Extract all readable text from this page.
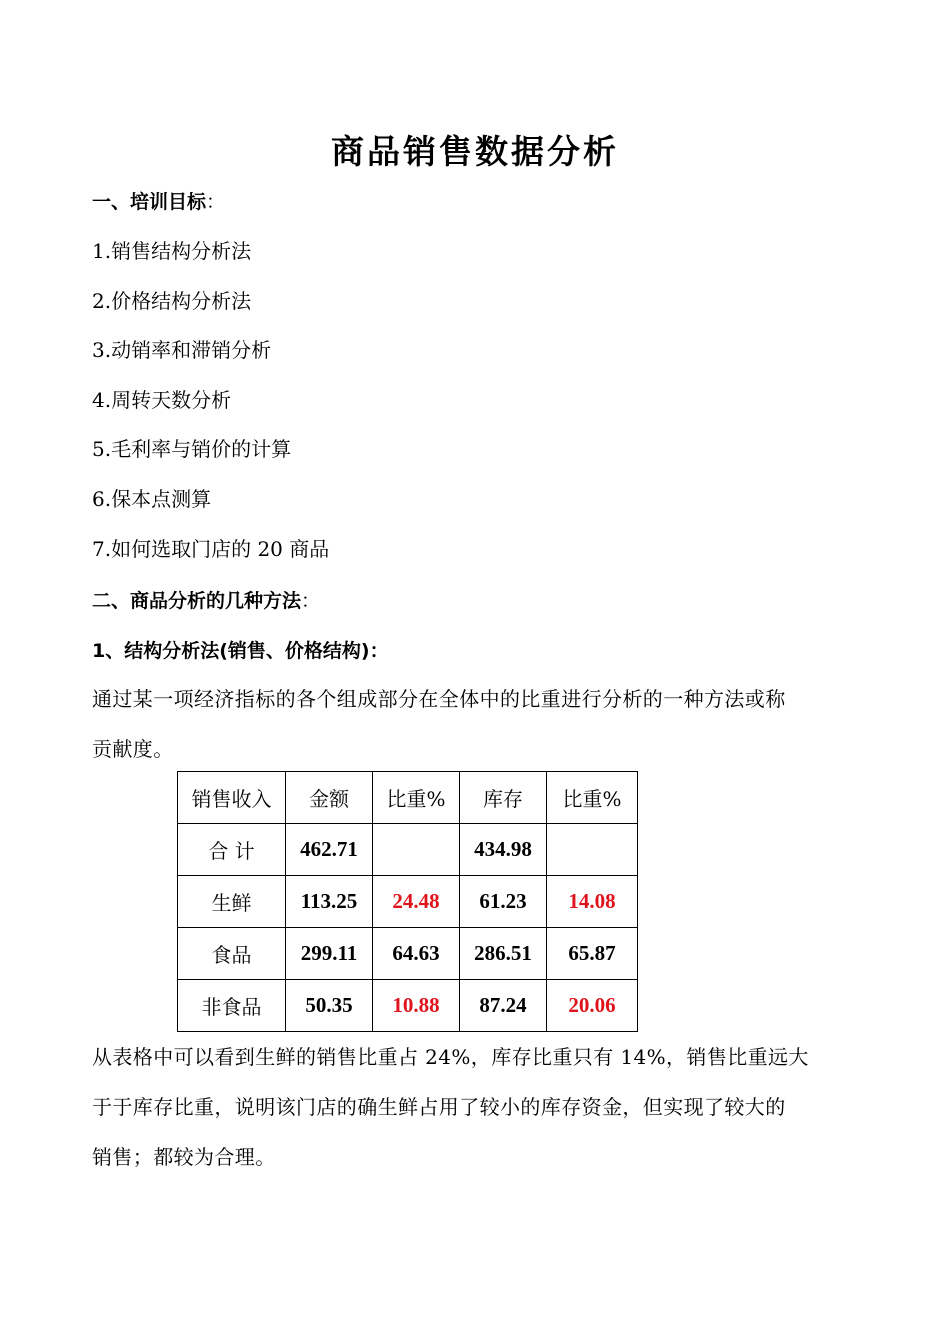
商品销售数据分析
一、培训目标：
1.销售结构分析法
2.价格结构分析法
3.动销率和滞销分析
4.周转天数分析
5.毛利率与销价的计算
6.保本点测算
7.如何选取门店的 20 商品
二、商品分析的几种方法：
1、结构分析法(销售、价格结构)：
通过某一项经济指标的各个组成部分在全体中的比重进行分析的一种方法或称
贡献度。
销售收入	金额	比重%	库存	比重%
合 计	462.71		434.98	
生鲜	113.25	24.48	61.23	14.08
食品	299.11	64.63	286.51	65.87
非食品	50.35	10.88	87.24	20.06
从表格中可以看到生鲜的销售比重占 24%，库存比重只有 14%，销售比重远大
于于库存比重，说明该门店的确生鲜占用了较小的库存资金，但实现了较大的
销售；都较为合理。
